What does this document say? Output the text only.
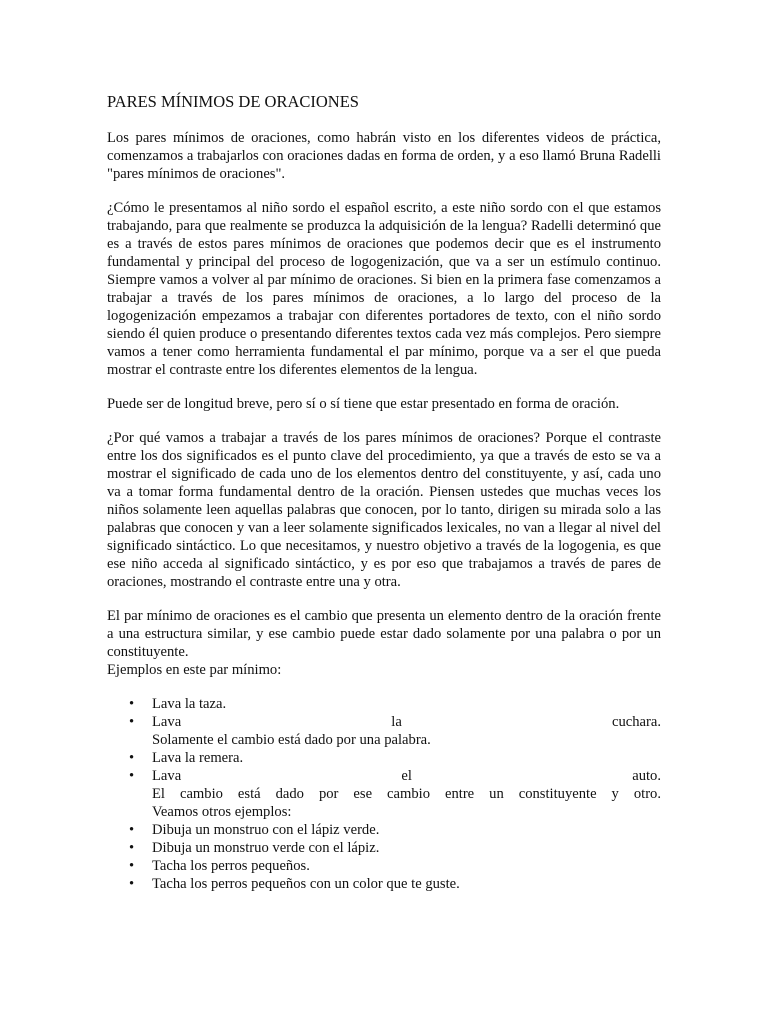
PARES MÍNIMOS DE ORACIONES

Los pares mínimos de oraciones, como habrán visto en los diferentes videos de práctica, comenzamos a trabajarlos con oraciones dadas en forma de orden, y a eso llamó Bruna Radelli "pares mínimos de oraciones".

¿Cómo le presentamos al niño sordo el español escrito, a este niño sordo con el que estamos trabajando, para que realmente se produzca la adquisición de la lengua? Radelli determinó que es a través de estos pares mínimos de oraciones que podemos decir que es el instrumento fundamental y principal del proceso de logogenización, que va a ser un estímulo continuo. Siempre vamos a volver al par mínimo de oraciones. Si bien en la primera fase comenzamos a trabajar a través de los pares mínimos de oraciones, a lo largo del proceso de la logogenización empezamos a trabajar con diferentes portadores de texto, con el niño sordo siendo él quien produce o presentando diferentes textos cada vez más complejos. Pero siempre vamos a tener como herramienta fundamental el par mínimo, porque va a ser el que pueda mostrar el contraste entre los diferentes elementos de la lengua.

Puede ser de longitud breve, pero sí o sí tiene que estar presentado en forma de oración.

¿Por qué vamos a trabajar a través de los pares mínimos de oraciones? Porque el contraste entre los dos significados es el punto clave del procedimiento, ya que a través de esto se va a mostrar el significado de cada uno de los elementos dentro del constituyente, y así, cada uno va a tomar forma fundamental dentro de la oración. Piensen ustedes que muchas veces los niños solamente leen aquellas palabras que conocen, por lo tanto, dirigen su mirada solo a las palabras que conocen y van a leer solamente significados lexicales, no van a llegar al nivel del significado sintáctico. Lo que necesitamos, y nuestro objetivo a través de la logogenia, es que ese niño acceda al significado sintáctico, y es por eso que trabajamos a través de pares de oraciones, mostrando el contraste entre una y otra.

El par mínimo de oraciones es el cambio que presenta un elemento dentro de la oración frente a una estructura similar, y ese cambio puede estar dado solamente por una palabra o por un constituyente.
Ejemplos en este par mínimo:
• Lava la taza.
• Lava la cuchara.
Solamente el cambio está dado por una palabra.
• Lava la remera.
• Lava el auto.
El cambio está dado por ese cambio entre un constituyente y otro.
Veamos otros ejemplos:
• Dibuja un monstruo con el lápiz verde.
• Dibuja un monstruo verde con el lápiz.
• Tacha los perros pequeños.
• Tacha los perros pequeños con un color que te guste.
